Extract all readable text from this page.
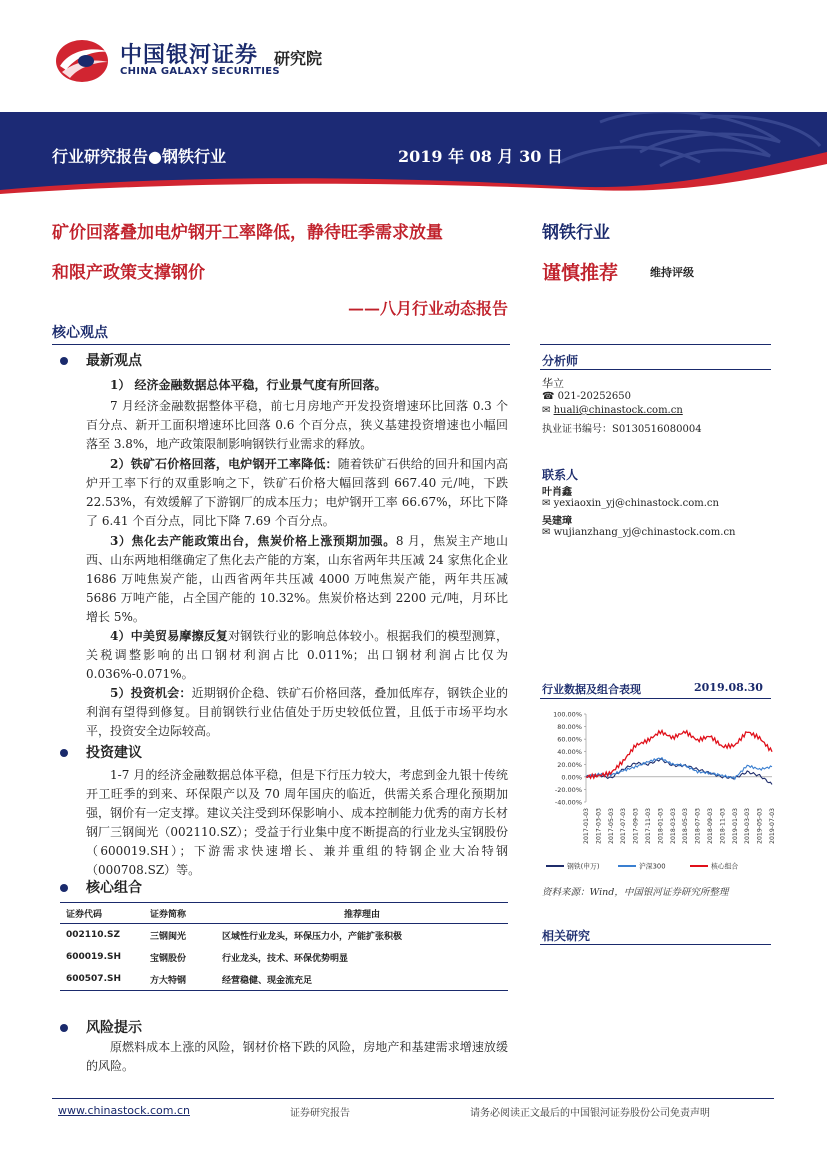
中国银河证券 研究院
CHINA GALAXY SECURITIES
行业研究报告●钢铁行业	2019 年 08 月 30 日
矿价回落叠加电炉钢开工率降低，静待旺季需求放量
和限产政策支撑钢价
——八月行业动态报告
钢铁行业
谨慎推荐	维持评级
核心观点
最新观点
1） 经济金融数据总体平稳，行业景气度有所回落。
7 月经济金融数据整体平稳，前七月房地产开发投资增速环比回落 0.3 个百分点、新开工面积增速环比回落 0.6 个百分点，狭义基建投资增速也小幅回落至 3.8%，地产政策限制影响钢铁行业需求的释放。
2）铁矿石价格回落，电炉钢开工率降低：随着铁矿石供给的回升和国内高炉开工率下行的双重影响之下，铁矿石价格大幅回落到 667.40 元/吨，下跌 22.53%，有效缓解了下游钢厂的成本压力；电炉钢开工率 66.67%，环比下降了 6.41 个百分点，同比下降 7.69 个百分点。
3）焦化去产能政策出台，焦炭价格上涨预期加强。8 月，焦炭主产地山西、山东两地相继确定了焦化去产能的方案，山东省两年共压减 24 家焦化企业 1686 万吨焦炭产能，山西省两年共压减 4000 万吨焦炭产能，两年共压减 5686 万吨产能，占全国产能的 10.32%。焦炭价格达到 2200 元/吨，月环比增长 5%。
4）中美贸易摩擦反复对钢铁行业的影响总体较小。根据我们的模型测算，关税调整影响的出口钢材利润占比 0.011%；出口钢材利润占比仅为 0.036%-0.071%。
5）投资机会：近期钢价企稳、铁矿石价格回落，叠加低库存，钢铁企业的利润有望得到修复。目前钢铁行业估值处于历史较低位置，且低于市场平均水平，投资安全边际较高。
投资建议
1-7 月的经济金融数据总体平稳，但是下行压力较大，考虑到金九银十传统开工旺季的到来、环保限产以及 70 周年国庆的临近，供需关系合理化预期加强，钢价有一定支撑。建议关注受到环保影响小、成本控制能力优秀的南方长材钢厂三钢闽光（002110.SZ）；受益于行业集中度不断提高的行业龙头宝钢股份（600019.SH）；下游需求快速增长、兼并重组的特钢企业大冶特钢（000708.SZ）等。
核心组合
证券代码	证券简称	推荐理由
002110.SZ	三钢闽光	区域性行业龙头，环保压力小，产能扩张积极
600019.SH	宝钢股份	行业龙头，技术、环保优势明显
600507.SH	方大特钢	经营稳健、现金流充足
风险提示
原燃料成本上涨的风险，钢材价格下跌的风险，房地产和基建需求增速放缓的风险。
分析师
华立
☎ 021-20252650
✉ huali@chinastock.com.cn
执业证书编号：S0130516080004
联系人
叶肖鑫
✉ yexiaoxin_yj@chinastock.com.cn
吴建璋
✉ wujianzhang_yj@chinastock.com.cn
行业数据及组合表现	2019.08.30
100.00%
80.00%
60.00%
40.00%
20.00%
0.00%
-20.00%
-40.00%
2017-01-03 2017-03-03 2017-05-03 2017-07-03 2017-09-03 2017-11-03 2018-01-03 2018-03-03 2018-05-03 2018-07-03 2018-09-03 2018-11-03 2019-01-03 2019-03-03 2019-05-03 2019-07-03
钢铁(申万)	沪深300	核心组合
资料来源：Wind，中国银河证券研究所整理
相关研究
www.chinastock.com.cn	证券研究报告	请务必阅读正文最后的中国银河证券股份公司免责声明
